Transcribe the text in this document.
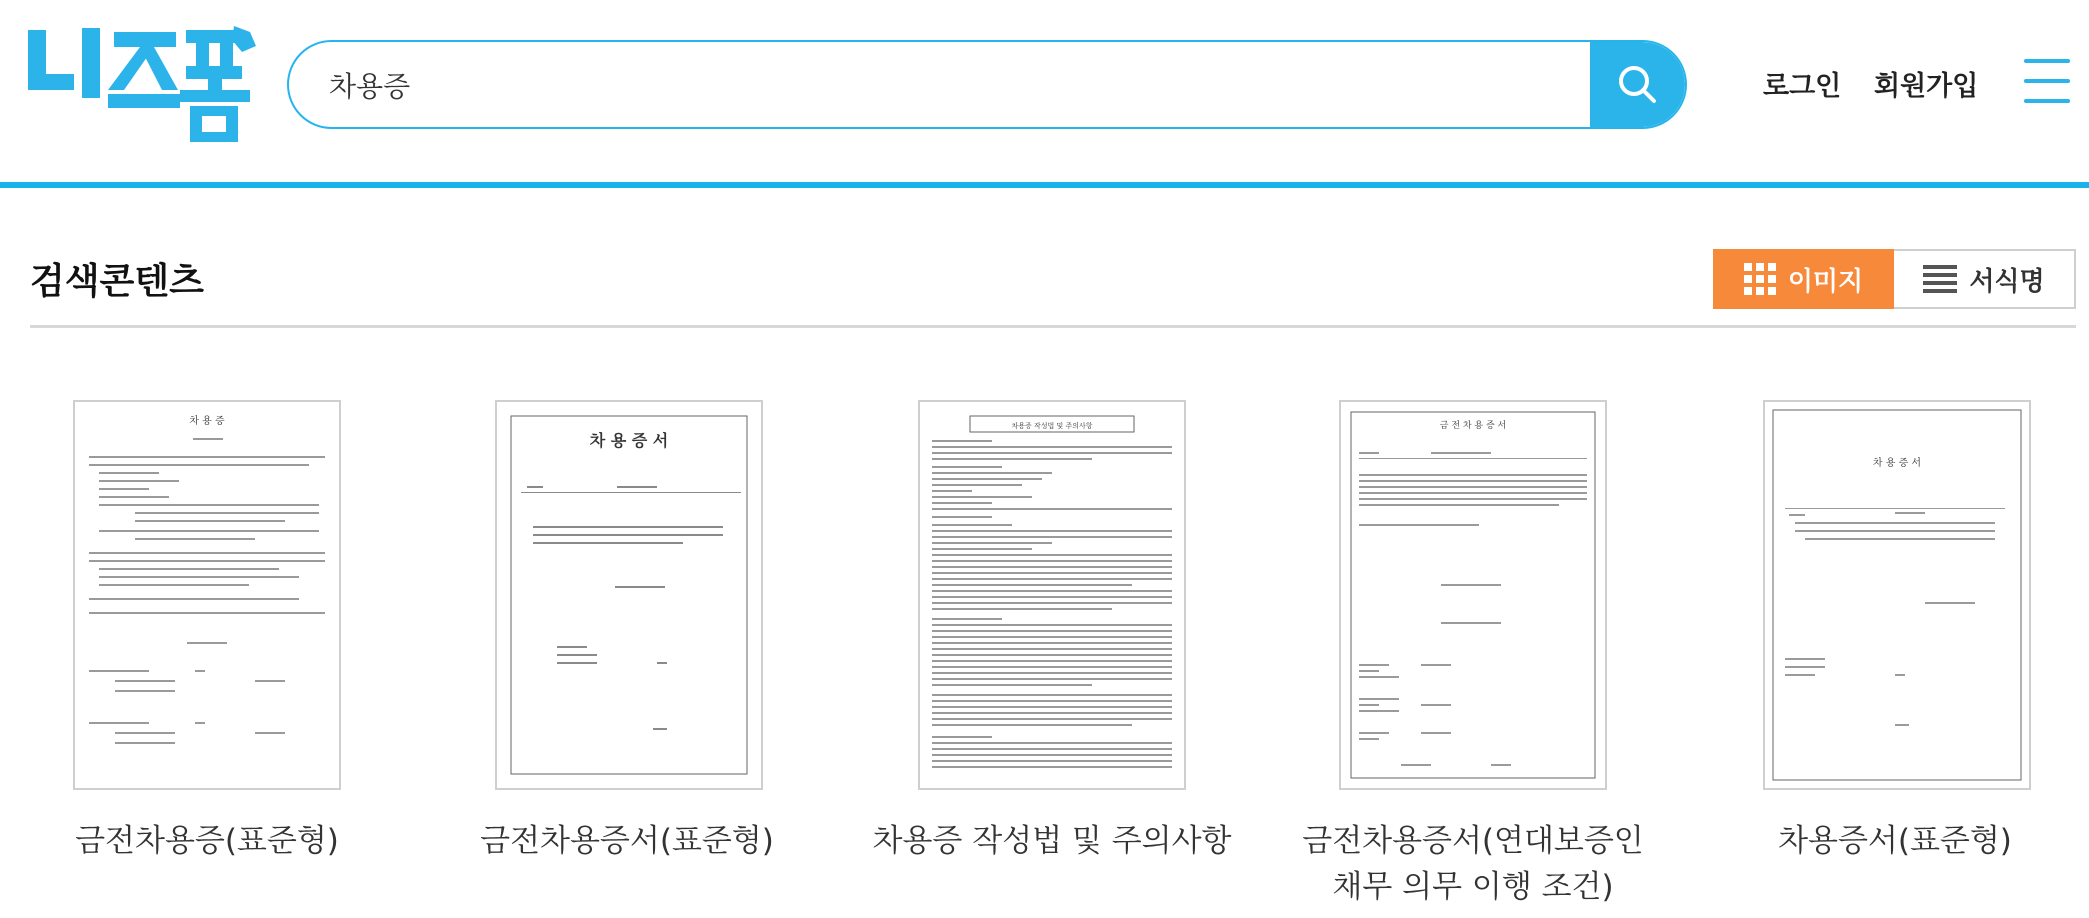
차용증
로그인 회원가입
검색콘텐츠	이미지	서식명
차 용 증
금전차용증(표준형)
차 용 증 서
금전차용증서(표준형)
차용증 작성법 및 주의사항
차용증 작성법 및 주의사항
금 전 차 용 증 서
금전차용증서(연대보증인 채무 의무 이행 조건)
차 용 증 서
차용증서(표준형)
